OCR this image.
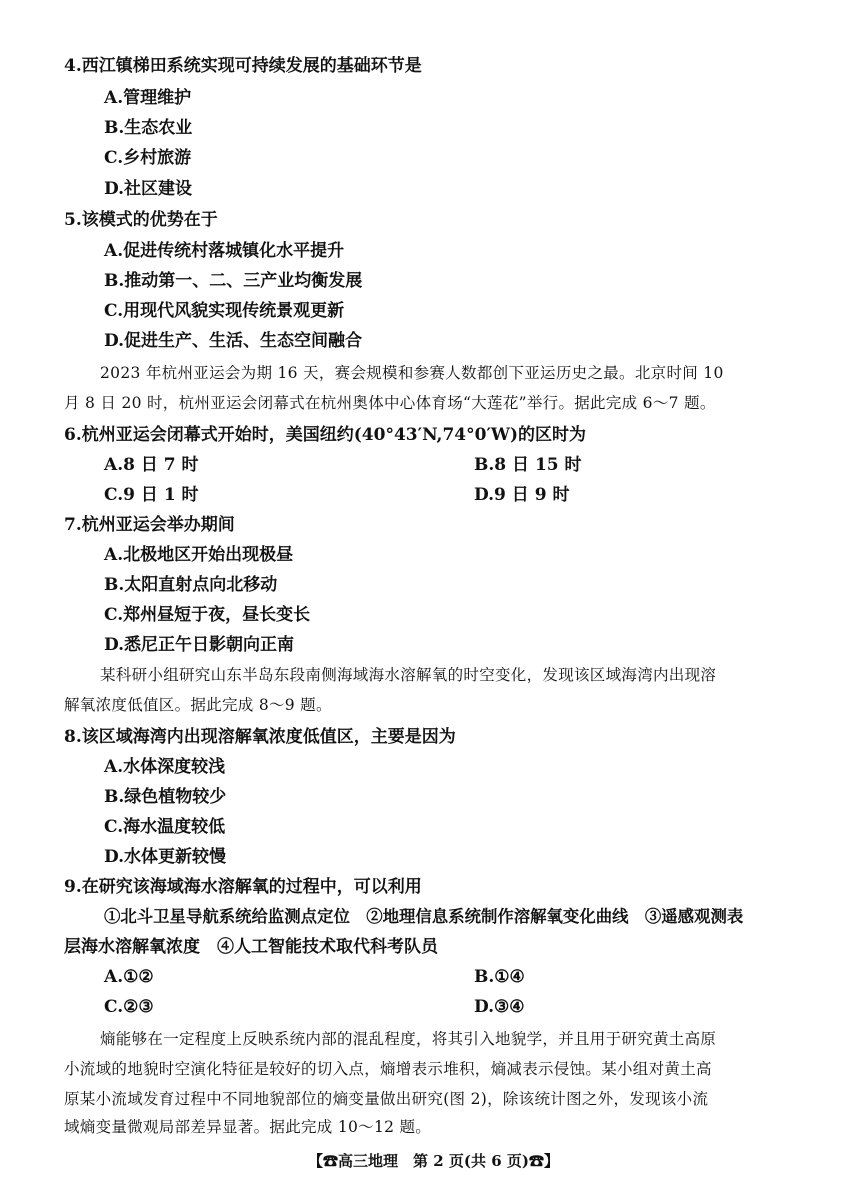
4.西江镇梯田系统实现可持续发展的基础环节是
A.管理维护
B.生态农业
C.乡村旅游
D.社区建设
5.该模式的优势在于
A.促进传统村落城镇化水平提升
B.推动第一、二、三产业均衡发展
C.用现代风貌实现传统景观更新
D.促进生产、生活、生态空间融合
2023 年杭州亚运会为期 16 天，赛会规模和参赛人数都创下亚运历史之最。北京时间 10
月 8 日 20 时，杭州亚运会闭幕式在杭州奥体中心体育场“大莲花”举行。据此完成 6～7 题。
6.杭州亚运会闭幕式开始时，美国纽约(40°43′N,74°0′W)的区时为
A.8 日 7 时	B.8 日 15 时
C.9 日 1 时	D.9 日 9 时
7.杭州亚运会举办期间
A.北极地区开始出现极昼
B.太阳直射点向北移动
C.郑州昼短于夜，昼长变长
D.悉尼正午日影朝向正南
某科研小组研究山东半岛东段南侧海域海水溶解氧的时空变化，发现该区域海湾内出现溶
解氧浓度低值区。据此完成 8～9 题。
8.该区域海湾内出现溶解氧浓度低值区，主要是因为
A.水体深度较浅
B.绿色植物较少
C.海水温度较低
D.水体更新较慢
9.在研究该海域海水溶解氧的过程中，可以利用
①北斗卫星导航系统给监测点定位　②地理信息系统制作溶解氧变化曲线　③遥感观测表
层海水溶解氧浓度　④人工智能技术取代科考队员
A.①②	B.①④
C.②③	D.③④
熵能够在一定程度上反映系统内部的混乱程度，将其引入地貌学，并且用于研究黄土高原
小流域的地貌时空演化特征是较好的切入点，熵增表示堆积，熵减表示侵蚀。某小组对黄土高
原某小流域发育过程中不同地貌部位的熵变量做出研究(图 2)，除该统计图之外，发现该小流
域熵变量微观局部差异显著。据此完成 10～12 题。
【☎高三地理　第 2 页(共 6 页)☎】
